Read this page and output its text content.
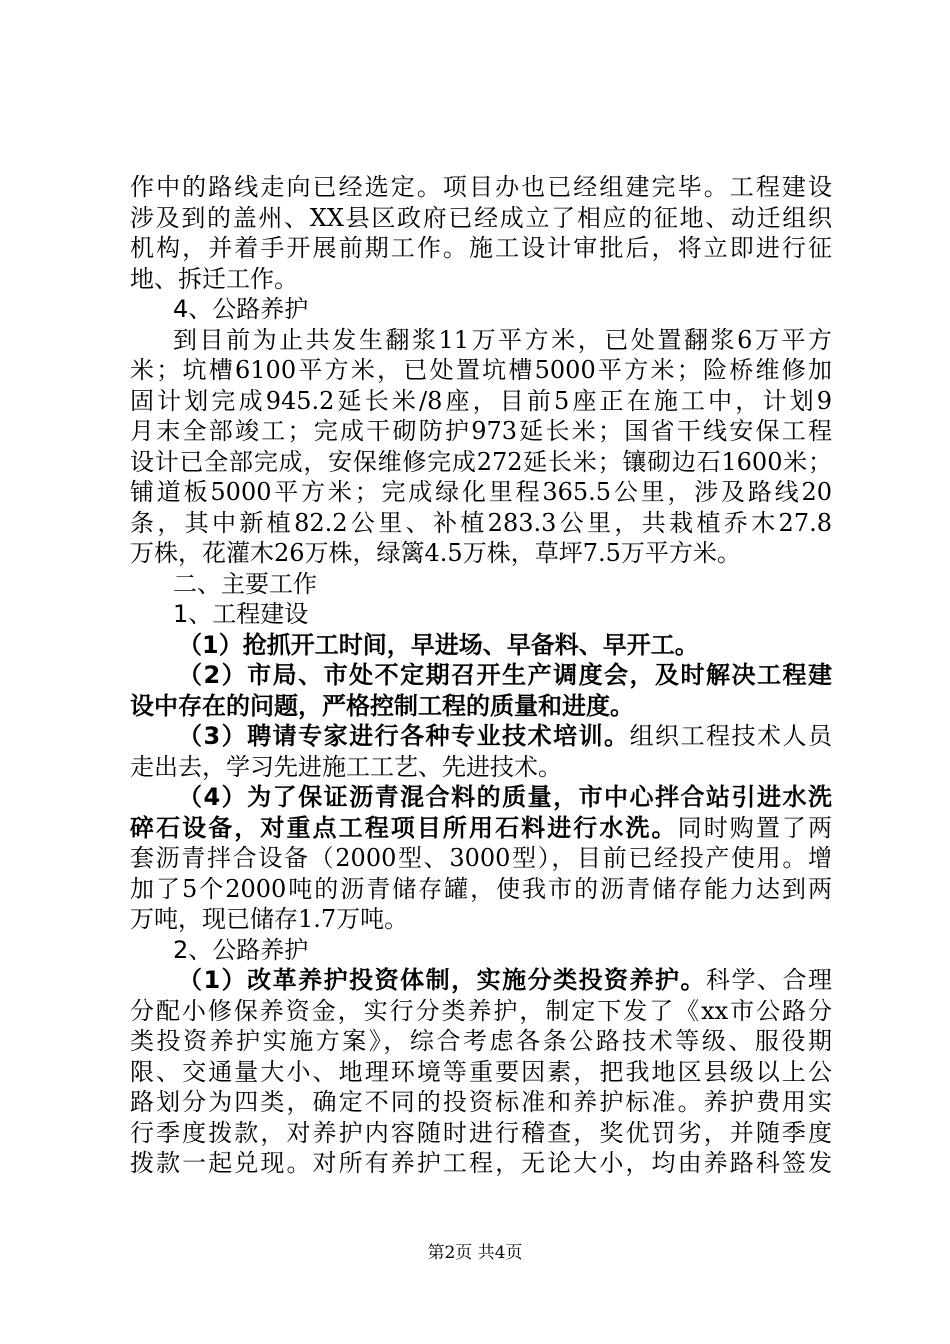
作中的路线走向已经选定。项目办也已经组建完毕。工程建设
涉及到的盖州、XX县区政府已经成立了相应的征地、动迁组织
机构，并着手开展前期工作。施工设计审批后，将立即进行征
地、拆迁工作。
4、公路养护
到目前为止共发生翻浆11万平方米，已处置翻浆6万平方
米；坑槽6100平方米，已处置坑槽5000平方米；险桥维修加
固计划完成945.2延长米/8座，目前5座正在施工中，计划9
月末全部竣工；完成干砌防护973延长米；国省干线安保工程
设计已全部完成，安保维修完成272延长米；镶砌边石1600米；
铺道板5000平方米；完成绿化里程365.5公里，涉及路线20
条，其中新植82.2公里、补植283.3公里，共栽植乔木27.8
万株，花灌木26万株，绿篱4.5万株，草坪7.5万平方米。
二、主要工作
1、工程建设
（1）抢抓开工时间，早进场、早备料、早开工。
（2）市局、市处不定期召开生产调度会，及时解决工程建
设中存在的问题，严格控制工程的质量和进度。
（3）聘请专家进行各种专业技术培训。组织工程技术人员
走出去，学习先进施工工艺、先进技术。
（4）为了保证沥青混合料的质量，市中心拌合站引进水洗
碎石设备，对重点工程项目所用石料进行水洗。同时购置了两
套沥青拌合设备（2000型、3000型），目前已经投产使用。增
加了5个2000吨的沥青储存罐，使我市的沥青储存能力达到两
万吨，现已储存1.7万吨。
2、公路养护
（1）改革养护投资体制，实施分类投资养护。科学、合理
分配小修保养资金，实行分类养护，制定下发了《xx市公路分
类投资养护实施方案》，综合考虑各条公路技术等级、服役期
限、交通量大小、地理环境等重要因素，把我地区县级以上公
路划分为四类，确定不同的投资标准和养护标准。养护费用实
行季度拨款，对养护内容随时进行稽查，奖优罚劣，并随季度
拨款一起兑现。对所有养护工程，无论大小，均由养路科签发
第2页 共4页
